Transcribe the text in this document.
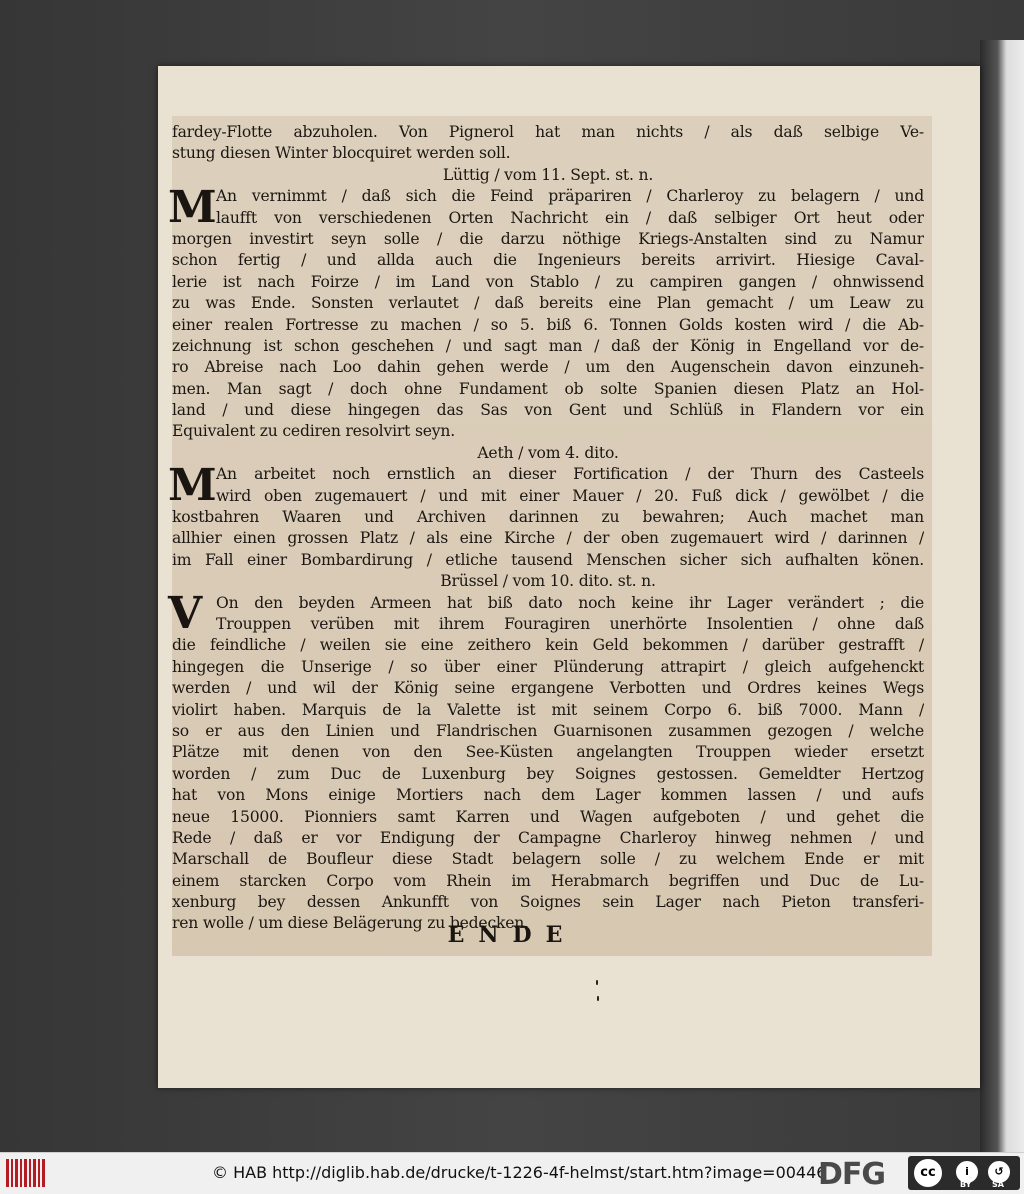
M
M
V
fardey-Flotte abzuholen. Von Pignerol hat man nichts / als daß selbige Ve-
stung diesen Winter blocquiret werden soll.
Lüttig / vom 11. Sept. st. n.
An vernimmt / daß sich die Feind präpariren / Charleroy zu belagern / und
laufft von verschiedenen Orten Nachricht ein / daß selbiger Ort heut oder
morgen investirt seyn solle / die darzu nöthige Kriegs-Anstalten sind zu Namur
schon fertig / und allda auch die Ingenieurs bereits arrivirt. Hiesige Caval-
lerie ist nach Foirze / im Land von Stablo / zu campiren gangen / ohnwissend
zu was Ende. Sonsten verlautet / daß bereits eine Plan gemacht / um Leaw zu
einer realen Fortresse zu machen / so 5. biß 6. Tonnen Golds kosten wird / die Ab-
zeichnung ist schon geschehen / und sagt man / daß der König in Engelland vor de-
ro Abreise nach Loo dahin gehen werde / um den Augenschein davon einzuneh-
men. Man sagt / doch ohne Fundament ob solte Spanien diesen Platz an Hol-
land / und diese hingegen das Sas von Gent und Schlüß in Flandern vor ein
Equivalent zu cediren resolvirt seyn.
Aeth / vom 4. dito.
An arbeitet noch ernstlich an dieser Fortification / der Thurn des Casteels
wird oben zugemauert / und mit einer Mauer / 20. Fuß dick / gewölbet / die
kostbahren Waaren und Archiven darinnen zu bewahren; Auch machet man
allhier einen grossen Platz / als eine Kirche / der oben zugemauert wird / darinnen /
im Fall einer Bombardirung / etliche tausend Menschen sicher sich aufhalten könen.
Brüssel / vom 10. dito. st. n.
On den beyden Armeen hat biß dato noch keine ihr Lager verändert ; die
Trouppen verüben mit ihrem Fouragiren unerhörte Insolentien / ohne daß
die feindliche / weilen sie eine zeithero kein Geld bekommen / darüber gestrafft /
hingegen die Unserige / so über einer Plünderung attrapirt / gleich aufgehenckt
werden / und wil der König seine ergangene Verbotten und Ordres keines Wegs
violirt haben. Marquis de la Valette ist mit seinem Corpo 6. biß 7000. Mann /
so er aus den Linien und Flandrischen Guarnisonen zusammen gezogen / welche
Plätze mit denen von den See-Küsten angelangten Trouppen wieder ersetzt
worden / zum Duc de Luxenburg bey Soignes gestossen. Gemeldter Hertzog
hat von Mons einige Mortiers nach dem Lager kommen lassen / und aufs
neue 15000. Pionniers samt Karren und Wagen aufgeboten / und gehet die
Rede / daß er vor Endigung der Campagne Charleroy hinweg nehmen / und
Marschall de Boufleur diese Stadt belagern solle / zu welchem Ende er mit
einem starcken Corpo vom Rhein im Herabmarch begriffen und Duc de Lu-
xenburg bey dessen Ankunfft von Soignes sein Lager nach Pieton transferi-
ren wolle / um diese Belägerung zu bedecken.
ENDE
© HAB http://diglib.hab.de/drucke/t-1226-4f-helmst/start.htm?image=00446
DFG	cc	i	↺
BY	SA
